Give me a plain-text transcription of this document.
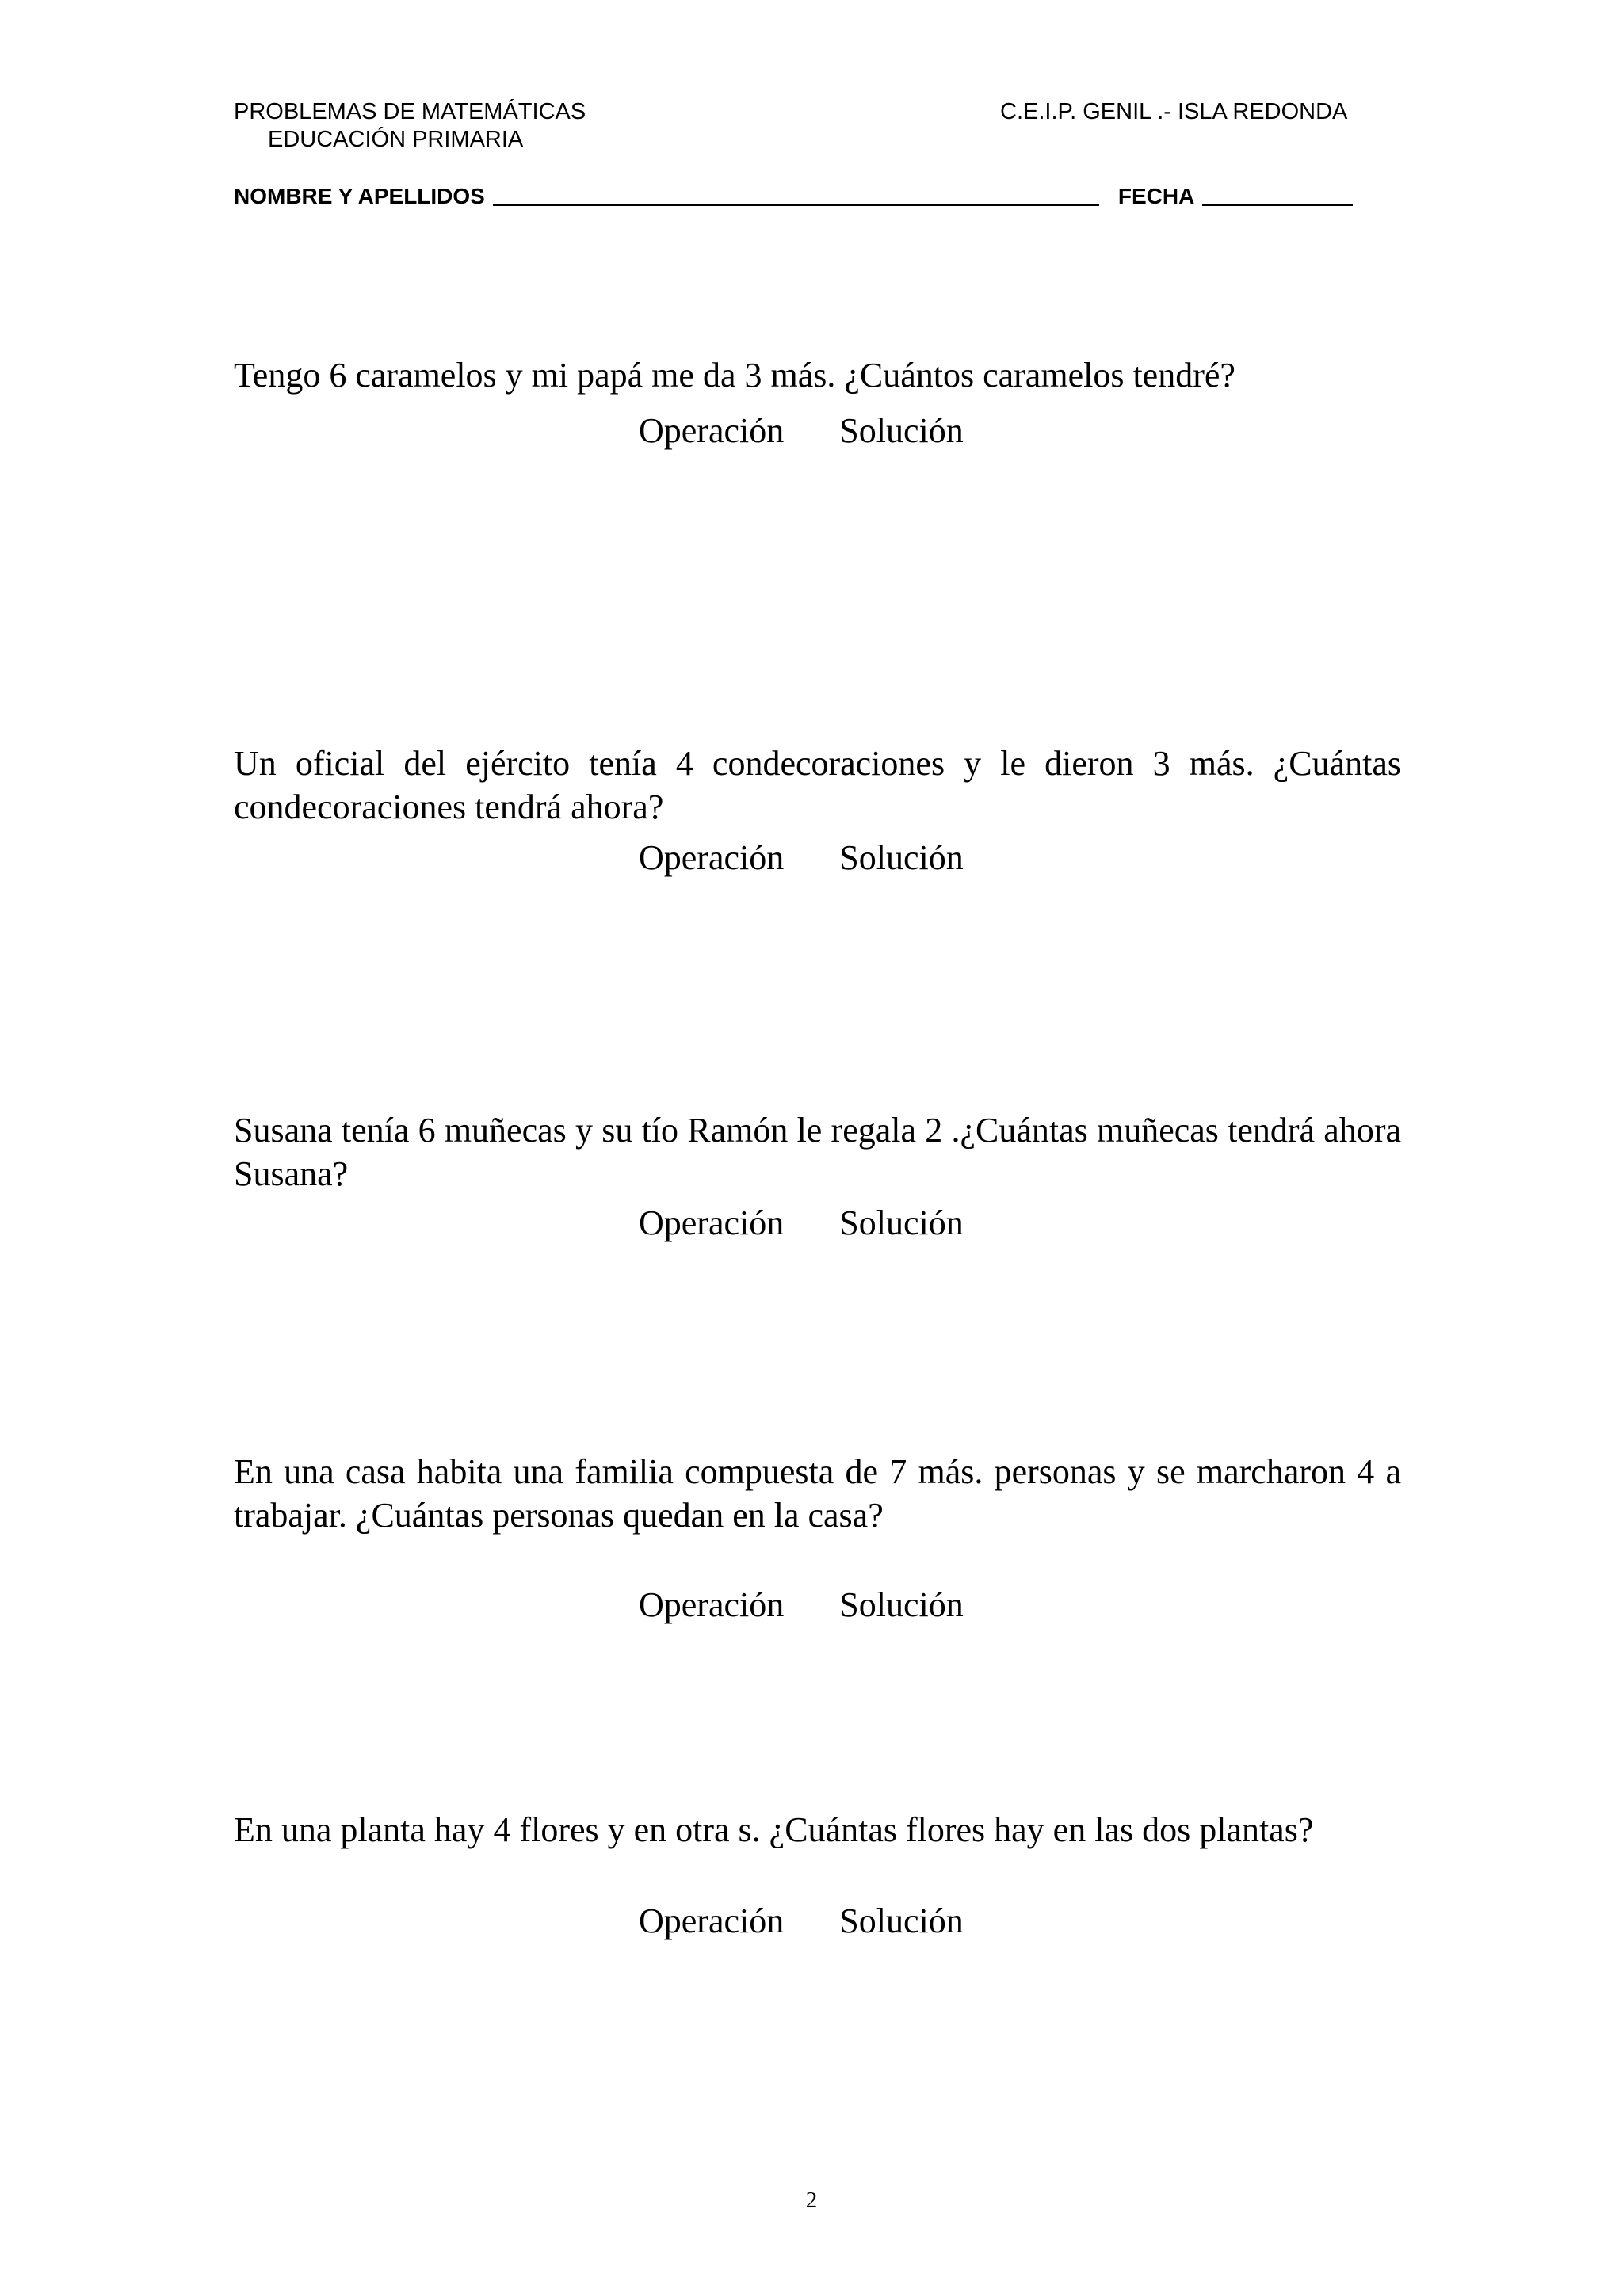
PROBLEMAS DE MATEMÁTICAS
EDUCACIÓN PRIMARIA
C.E.I.P. GENIL .- ISLA REDONDA
NOMBRE Y APELLIDOS	FECHA

Tengo 6 caramelos y mi papá me da 3 más. ¿Cuántos caramelos tendré?

Operación Solución

Un oficial del ejército tenía 4 condecoraciones y le dieron 3 más. ¿Cuántas condecoraciones tendrá ahora?

Operación Solución

Susana tenía 6 muñecas y su tío Ramón le regala 2 .¿Cuántas muñecas tendrá ahora Susana?

Operación Solución

En una casa habita una familia compuesta de 7 más. personas y se marcharon 4 a trabajar. ¿Cuántas personas quedan en la casa?

Operación Solución

En una planta hay 4 flores y en otra s. ¿Cuántas flores hay en las dos plantas?

Operación Solución
2
